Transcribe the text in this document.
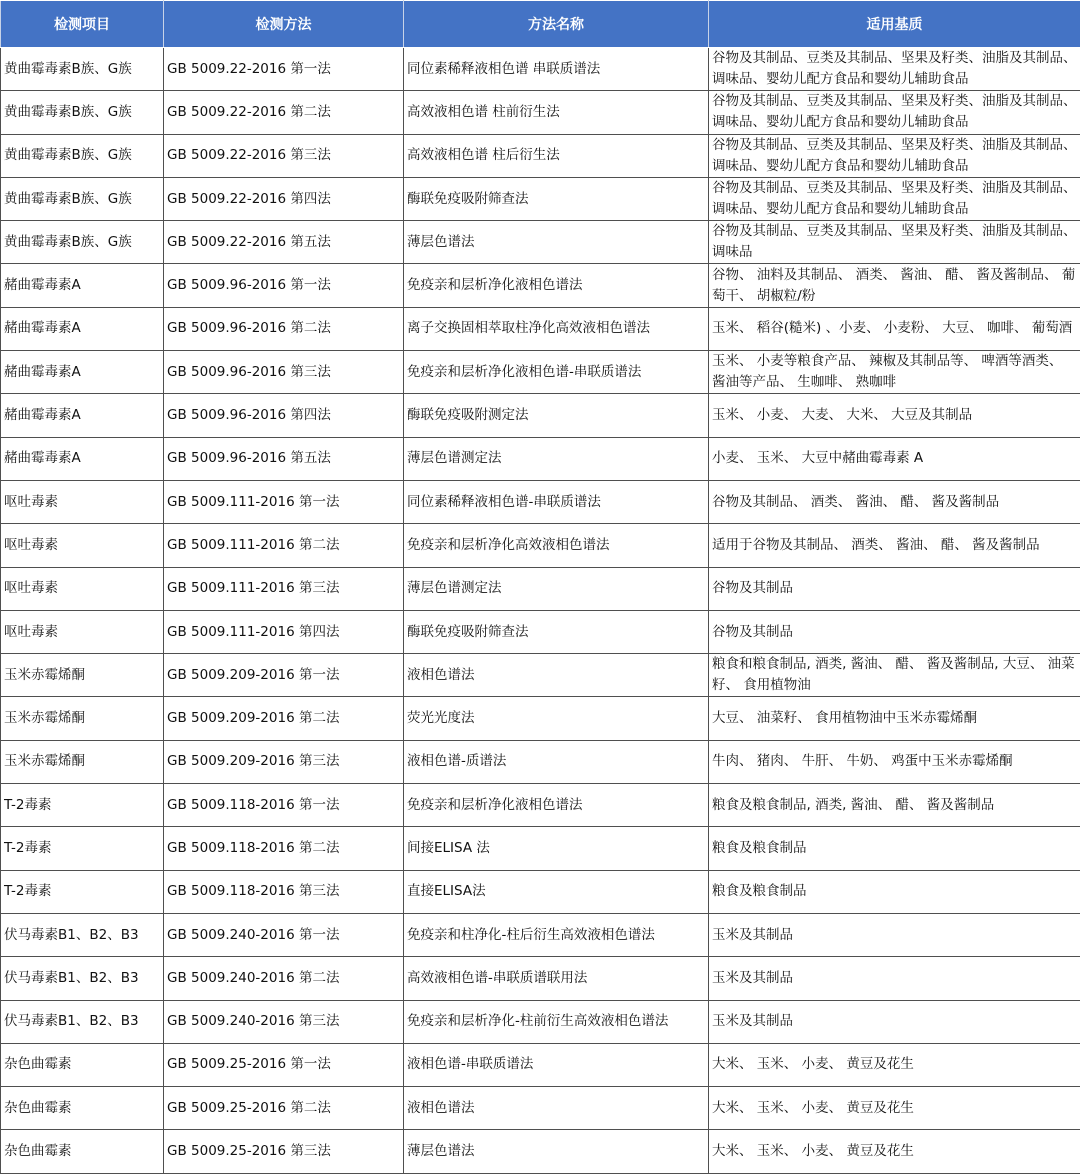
检测项目	检测方法	方法名称	适用基质
黄曲霉毒素B族、G族	GB 5009.22-2016 第一法	同位素稀释液相色谱 串联质谱法	谷物及其制品、豆类及其制品、坚果及籽类、油脂及其制品、调味品、婴幼儿配方食品和婴幼儿辅助食品
黄曲霉毒素B族、G族	GB 5009.22-2016 第二法	高效液相色谱 柱前衍生法	谷物及其制品、豆类及其制品、坚果及籽类、油脂及其制品、调味品、婴幼儿配方食品和婴幼儿辅助食品
黄曲霉毒素B族、G族	GB 5009.22-2016 第三法	高效液相色谱 柱后衍生法	谷物及其制品、豆类及其制品、坚果及籽类、油脂及其制品、调味品、婴幼儿配方食品和婴幼儿辅助食品
黄曲霉毒素B族、G族	GB 5009.22-2016 第四法	酶联免疫吸附筛查法	谷物及其制品、豆类及其制品、坚果及籽类、油脂及其制品、调味品、婴幼儿配方食品和婴幼儿辅助食品
黄曲霉毒素B族、G族	GB 5009.22-2016 第五法	薄层色谱法	谷物及其制品、豆类及其制品、坚果及籽类、油脂及其制品、调味品
赭曲霉毒素A	GB 5009.96-2016 第一法	免疫亲和层析净化液相色谱法	谷物、 油料及其制品、 酒类、 酱油、 醋、 酱及酱制品、 葡萄干、 胡椒粒/粉
赭曲霉毒素A	GB 5009.96-2016 第二法	离子交换固相萃取柱净化高效液相色谱法	玉米、 稻谷(糙米) 、小麦、 小麦粉、 大豆、 咖啡、 葡萄酒
赭曲霉毒素A	GB 5009.96-2016 第三法	免疫亲和层析净化液相色谱-串联质谱法	玉米、 小麦等粮食产品、 辣椒及其制品等、 啤酒等酒类、 酱油等产品、 生咖啡、 熟咖啡
赭曲霉毒素A	GB 5009.96-2016 第四法	酶联免疫吸附测定法	玉米、 小麦、 大麦、 大米、 大豆及其制品
赭曲霉毒素A	GB 5009.96-2016 第五法	薄层色谱测定法	小麦、 玉米、 大豆中赭曲霉毒素 A
呕吐毒素	GB 5009.111-2016 第一法	同位素稀释液相色谱-串联质谱法	谷物及其制品、 酒类、 酱油、 醋、 酱及酱制品
呕吐毒素	GB 5009.111-2016 第二法	免疫亲和层析净化高效液相色谱法	适用于谷物及其制品、 酒类、 酱油、 醋、 酱及酱制品
呕吐毒素	GB 5009.111-2016 第三法	薄层色谱测定法	谷物及其制品
呕吐毒素	GB 5009.111-2016 第四法	酶联免疫吸附筛查法	谷物及其制品
玉米赤霉烯酮	GB 5009.209-2016 第一法	液相色谱法	粮食和粮食制品, 酒类, 酱油、 醋、 酱及酱制品, 大豆、 油菜籽、 食用植物油
玉米赤霉烯酮	GB 5009.209-2016 第二法	荧光光度法	大豆、 油菜籽、 食用植物油中玉米赤霉烯酮
玉米赤霉烯酮	GB 5009.209-2016 第三法	液相色谱-质谱法	牛肉、 猪肉、 牛肝、 牛奶、 鸡蛋中玉米赤霉烯酮
T-2毒素	GB 5009.118-2016 第一法	免疫亲和层析净化液相色谱法	粮食及粮食制品, 酒类, 酱油、 醋、 酱及酱制品
T-2毒素	GB 5009.118-2016 第二法	间接ELISA 法	粮食及粮食制品
T-2毒素	GB 5009.118-2016 第三法	直接ELISA法	粮食及粮食制品
伏马毒素B1、B2、B3	GB 5009.240-2016 第一法	免疫亲和柱净化-柱后衍生高效液相色谱法	玉米及其制品
伏马毒素B1、B2、B3	GB 5009.240-2016 第二法	高效液相色谱-串联质谱联用法	玉米及其制品
伏马毒素B1、B2、B3	GB 5009.240-2016 第三法	免疫亲和层析净化-柱前衍生高效液相色谱法	玉米及其制品
杂色曲霉素	GB 5009.25-2016 第一法	液相色谱-串联质谱法	大米、 玉米、 小麦、 黄豆及花生
杂色曲霉素	GB 5009.25-2016 第二法	液相色谱法	大米、 玉米、 小麦、 黄豆及花生
杂色曲霉素	GB 5009.25-2016 第三法	薄层色谱法	大米、 玉米、 小麦、 黄豆及花生
